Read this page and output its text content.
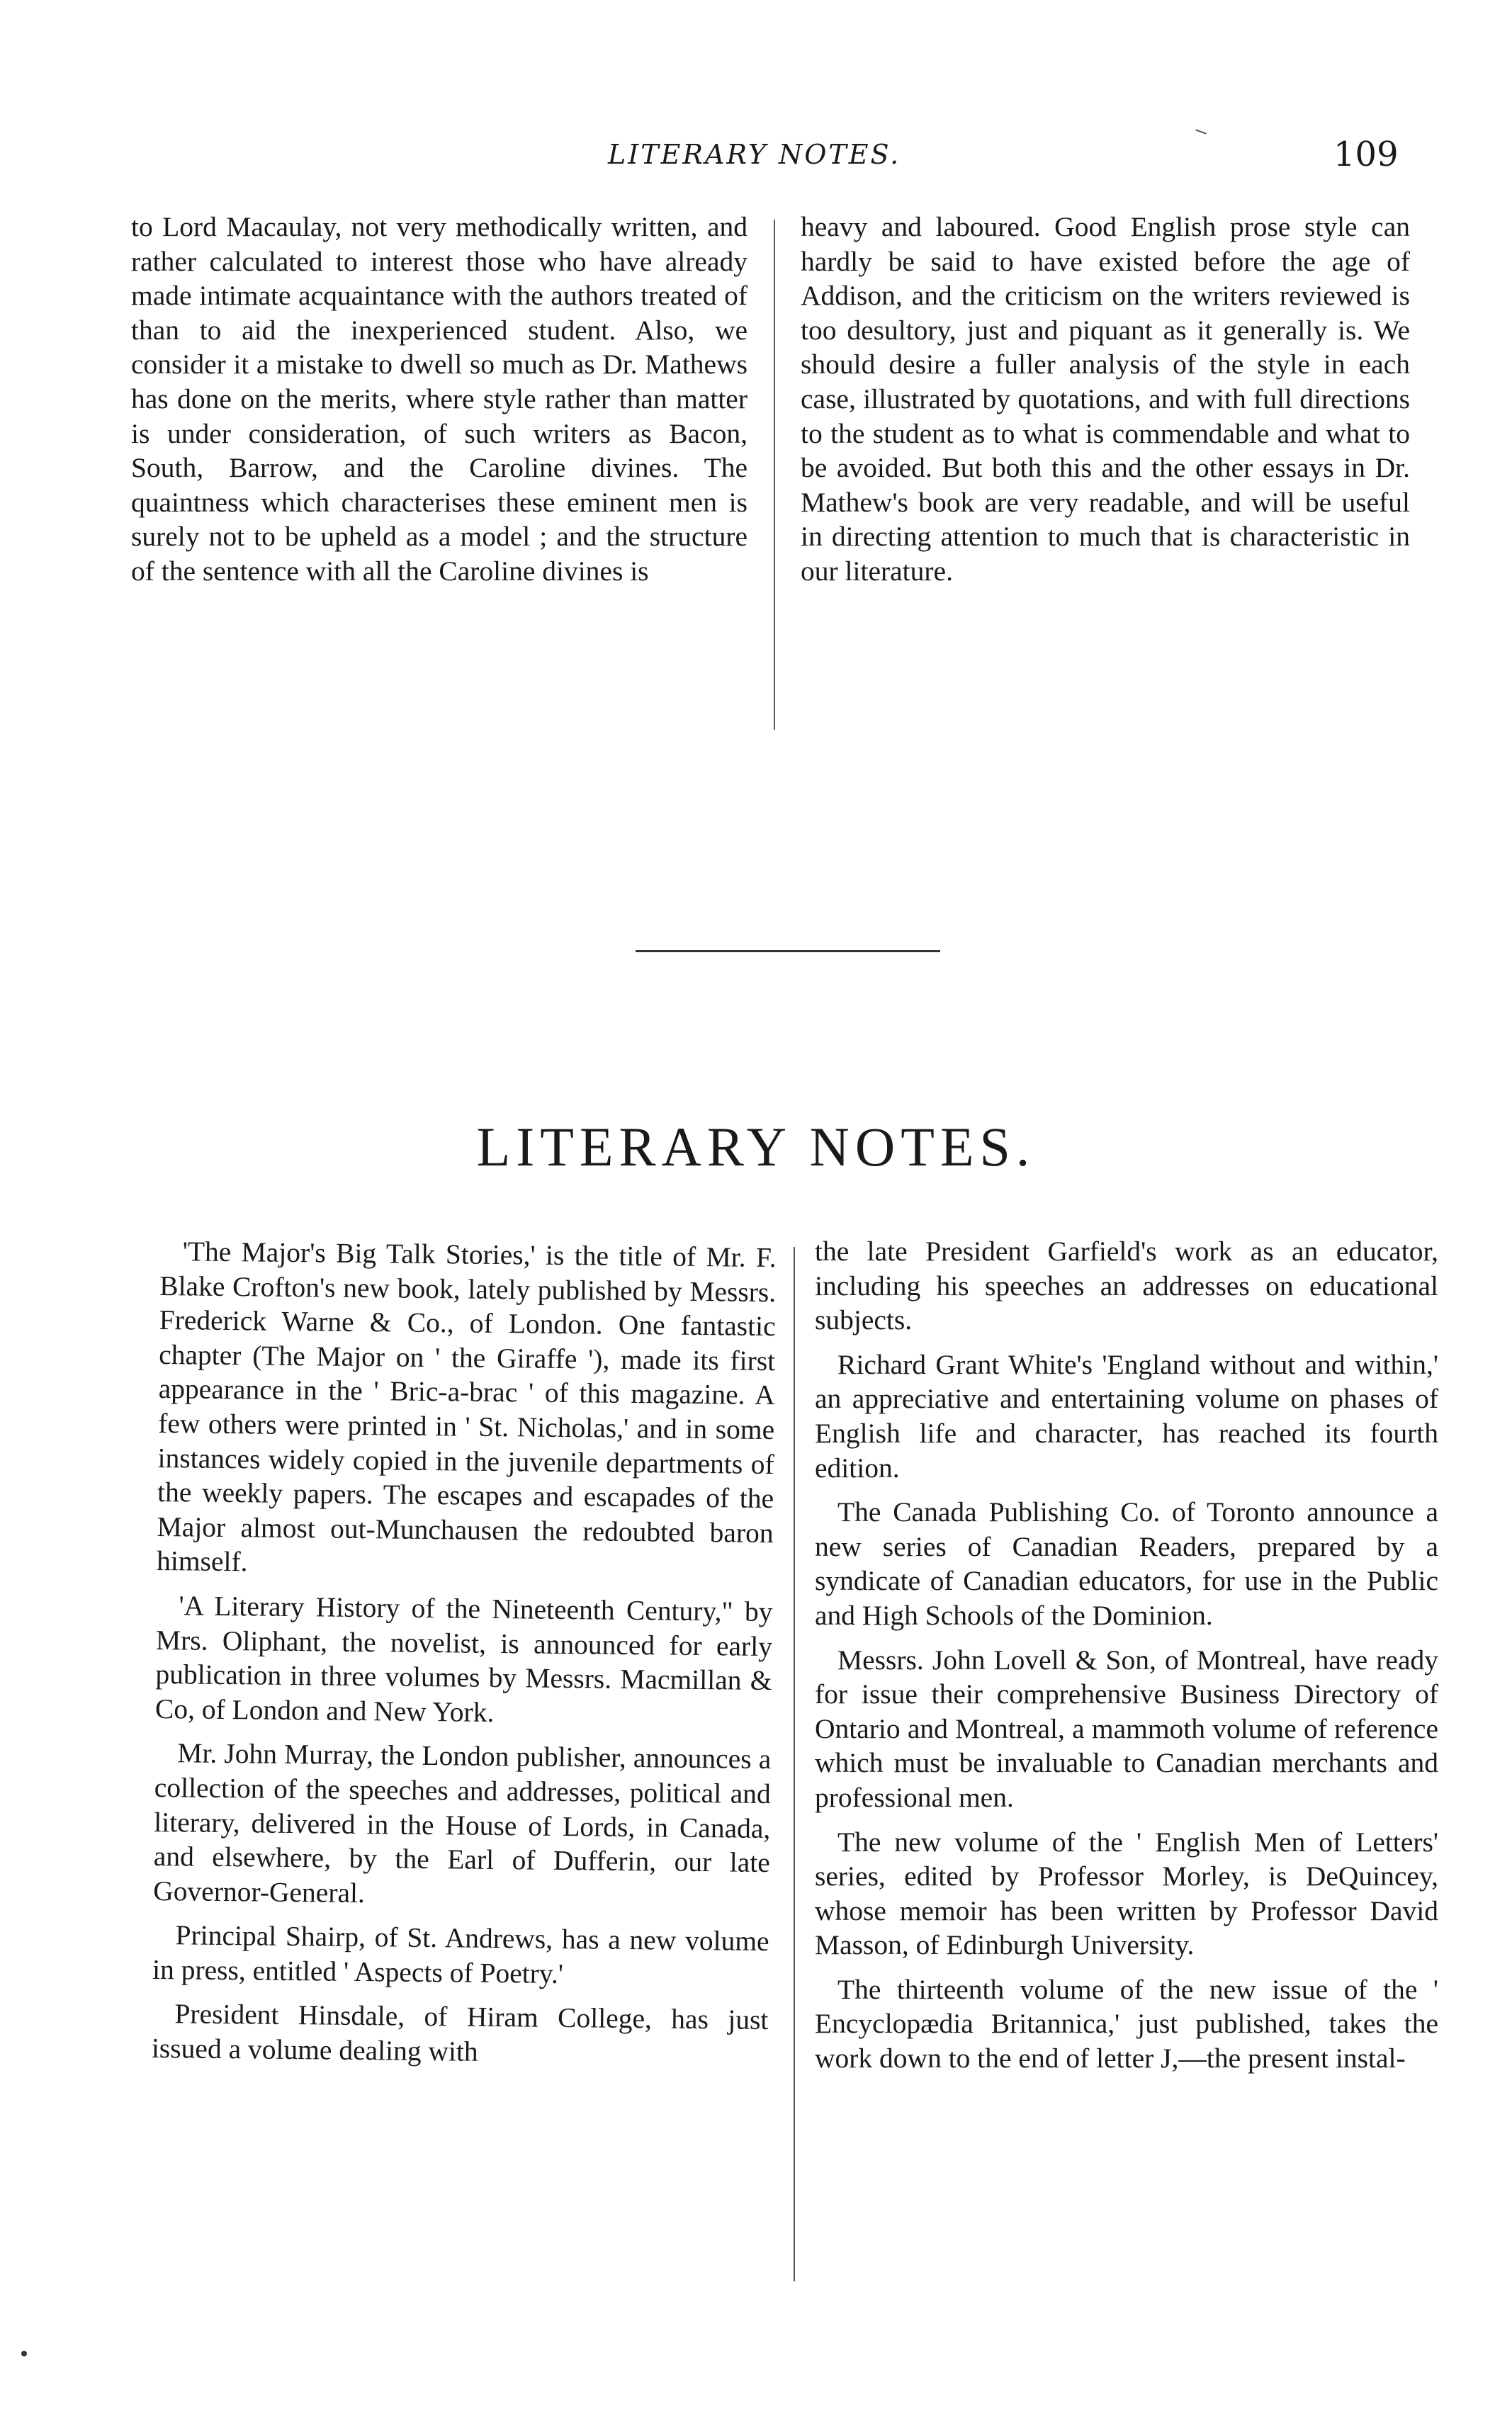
LITERARY NOTES.	109

to Lord Macaulay, not very methodically written, and rather calculated to interest those who have already made intimate acquaintance with the authors treated of than to aid the inexperienced student. Also, we consider it a mistake to dwell so much as Dr. Mathews has done on the merits, where style rather than matter is under consideration, of such writers as Bacon, South, Barrow, and the Caroline divines. The quaintness which characterises these eminent men is surely not to be upheld as a model ; and the structure of the sentence with all the Caroline divines is

heavy and laboured. Good English prose style can hardly be said to have existed before the age of Addison, and the criticism on the writers reviewed is too desultory, just and piquant as it generally is. We should desire a fuller analysis of the style in each case, illustrated by quotations, and with full directions to the student as to what is commendable and what to be avoided. But both this and the other essays in Dr. Mathew's book are very readable, and will be useful in directing attention to much that is characteristic in our literature.

LITERARY NOTES.

'The Major's Big Talk Stories,' is the title of Mr. F. Blake Crofton's new book, lately published by Messrs. Frederick Warne & Co., of London. One fantastic chapter (The Major on ' the Giraffe '), made its first appearance in the ' Bric-a-brac ' of this magazine. A few others were printed in ' St. Nicholas,' and in some instances widely copied in the juvenile departments of the weekly papers. The escapes and escapades of the Major almost out-Munchausen the redoubted baron himself.

'A Literary History of the Nineteenth Century," by Mrs. Oliphant, the novelist, is announced for early publication in three volumes by Messrs. Macmillan & Co, of London and New York.

Mr. John Murray, the London publisher, announces a collection of the speeches and addresses, political and literary, delivered in the House of Lords, in Canada, and elsewhere, by the Earl of Dufferin, our late Governor-General.

Principal Shairp, of St. Andrews, has a new volume in press, entitled ' Aspects of Poetry.'

President Hinsdale, of Hiram College, has just issued a volume dealing with

the late President Garfield's work as an educator, including his speeches an addresses on educational subjects.

Richard Grant White's 'England without and within,' an appreciative and entertaining volume on phases of English life and character, has reached its fourth edition.

The Canada Publishing Co. of Toronto announce a new series of Canadian Readers, prepared by a syndicate of Canadian educators, for use in the Public and High Schools of the Dominion.

Messrs. John Lovell & Son, of Montreal, have ready for issue their comprehensive Business Directory of Ontario and Montreal, a mammoth volume of reference which must be invaluable to Canadian merchants and professional men.

The new volume of the ' English Men of Letters' series, edited by Professor Morley, is DeQuincey, whose memoir has been written by Professor David Masson, of Edinburgh University.

The thirteenth volume of the new issue of the ' Encyclopædia Britannica,' just published, takes the work down to the end of letter J,—the present instal-
